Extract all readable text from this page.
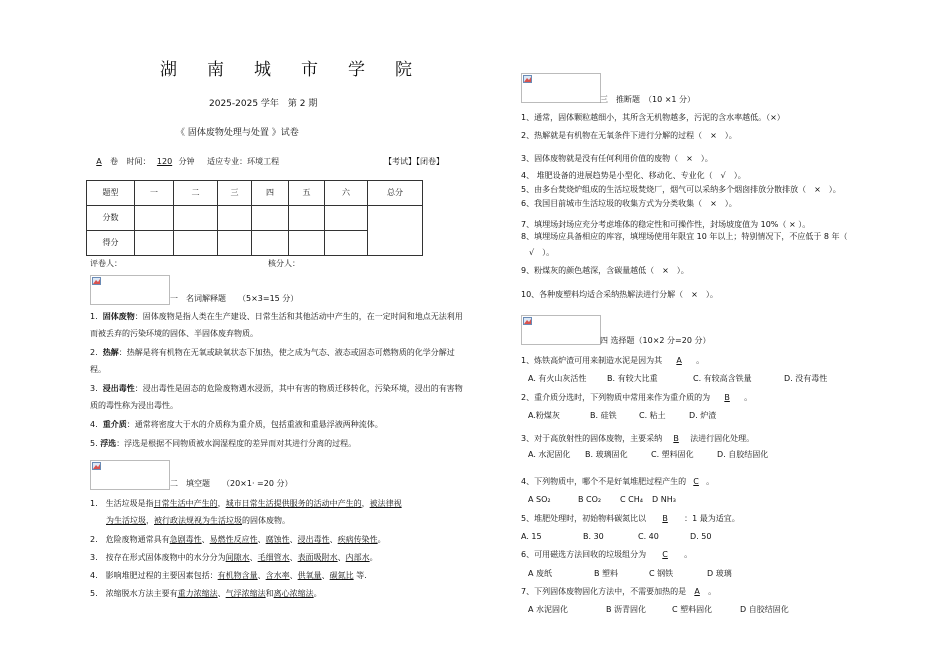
湖 南 城 市 学 院
2025-2025 学年　第 2 期
《 固体废物处理与处置 》试卷
A 卷 时间： 120 分钟 适应专业：环境工程	【考试】【闭卷】
题型	一	二	三	四	五	六	总分
分数							
得分							
评卷人：	核分人：
一　名词解释题　　（5×3=15 分）
1. 固体废物：固体废物是指人类在生产建设、日常生活和其他活动中产生的，在一定时间和地点无法利用而被丢弃的污染环境的固体、半固体废弃物质。
2. 热解：热解是将有机物在无氧或缺氧状态下加热，使之成为气态、液态或固态可燃物质的化学分解过程。
3. 浸出毒性：浸出毒性是固态的危险废物遇水浸沥，其中有害的物质迁移转化，污染环境，浸出的有害物质的毒性称为浸出毒性。
4. 重介质：通常将密度大于水的介质称为重介质，包括重液和重悬浮液两种流体。
5. 浮选：浮选是根据不同物质被水润湿程度的差异而对其进行分离的过程。
二　填空题　　（20×1· =20 分）
1.　生活垃圾是指日常生活中产生的，城市日常生活提供服务的活动中产生的，被法律视
为生活垃圾，被行政法规视为生活垃圾的固体废物。
2.　危险废物通常具有急剧毒性、易燃性反应性、腐蚀性、浸出毒性、疾病传染性。
3.　按存在形式固体废物中的水分分为间隙水、毛细管水、表面吸附水、内部水。
4.　影响堆肥过程的主要因素包括：有机物含量、含水率、供氧量、碳氮比 等.
5.　浓缩脱水方法主要有重力浓缩法、气浮浓缩法和离心浓缩法。
三　推断题　（10 ×1 分）
1、通常，固体颗粒越细小，其所含无机物越多，污泥的含水率越低。（×）
2、热解就是有机物在无氧条件下进行分解的过程（　×　）。
3、固体废物就是没有任何利用价值的废物（　×　）。
4、 堆肥设备的进展趋势是小型化、移动化、专业化（　√　）。
5、由多台焚烧炉组成的生活垃圾焚烧厂，烟气可以采纳多个烟囱排放分散排放（　×　）。
6、我国目前城市生活垃圾的收集方式为分类收集（　×　）。
7、填埋场封场应充分考虑堆体的稳定性和可操作性，封场坡度值为 10%（ × ）。
8、填埋场应具备相应的库容，填埋场使用年限宜 10 年以上；特别情况下，不应低于 8 年（
　√　）。
9、粉煤灰的颜色越深，含碳量越低（　×　）。
10、各种废塑料均适合采纳热解法进行分解（　×　）。
四 选择题（10×2 分=20 分）
1、炼铁高炉渣可用来制造水泥是因为其 A 。
A. 有火山灰活性	B. 有较大比重	C. 有较高含铁量	D. 没有毒性
2、重介质分选时，下列物质中常用来作为重介质的为 B 。
A.粉煤灰	B. 硅铁	C. 粘土	D. 炉渣
3、对于高放射性的固体废物，主要采纳 B 法进行固化处理。
A. 水泥固化 B. 玻璃固化	C. 塑料固化	D. 自胶结固化
4、下列物质中，哪个不是好氧堆肥过程产生的 C 。
A SO₂	B CO₂ C CH₄ D NH₃
5、堆肥处理时，初始物料碳氮比以 B ：1 最为适宜。
A. 15	B. 30	C. 40	D. 50
6、可用磁选方法回收的垃圾组分为 C 。
A 废纸	B 塑料	C 钢铁	D 玻璃
7、下列固体废物固化方法中，不需要加热的是 A 。
A 水泥固化	B 沥青固化	C 塑料固化	D 自胶结固化
